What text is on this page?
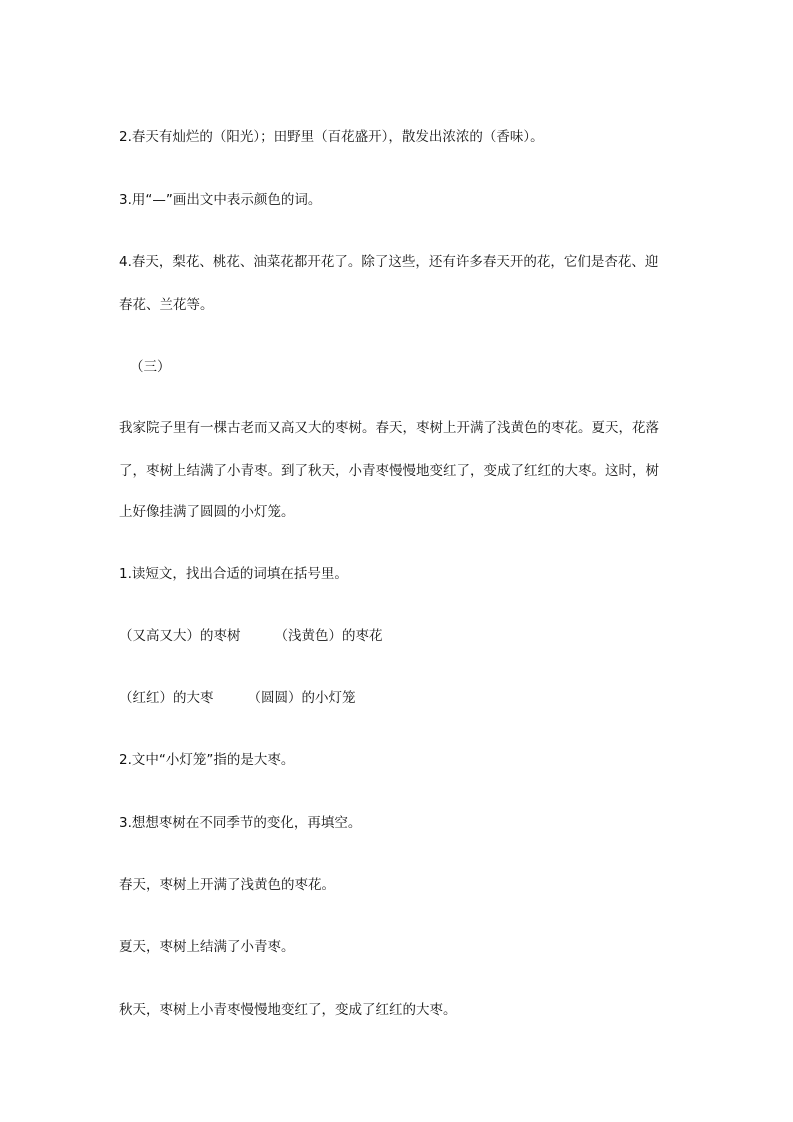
2.春天有灿烂的（阳光）；田野里（百花盛开），散发出浓浓的（香味）。
3.用“—”画出文中表示颜色的词。
4.春天，梨花、桃花、油菜花都开花了。除了这些，还有许多春天开的花，它们是杏花、迎
春花、兰花等。
（三）
我家院子里有一棵古老而又高又大的枣树。春天，枣树上开满了浅黄色的枣花。夏天，花落
了，枣树上结满了小青枣。到了秋天，小青枣慢慢地变红了，变成了红红的大枣。这时，树
上好像挂满了圆圆的小灯笼。
1.读短文，找出合适的词填在括号里。
（又高又大）的枣树	（浅黄色）的枣花
（红红）的大枣	（圆圆）的小灯笼
2.文中“小灯笼”指的是大枣。
3.想想枣树在不同季节的变化，再填空。
春天，枣树上开满了浅黄色的枣花。
夏天，枣树上结满了小青枣。
秋天，枣树上小青枣慢慢地变红了，变成了红红的大枣。
